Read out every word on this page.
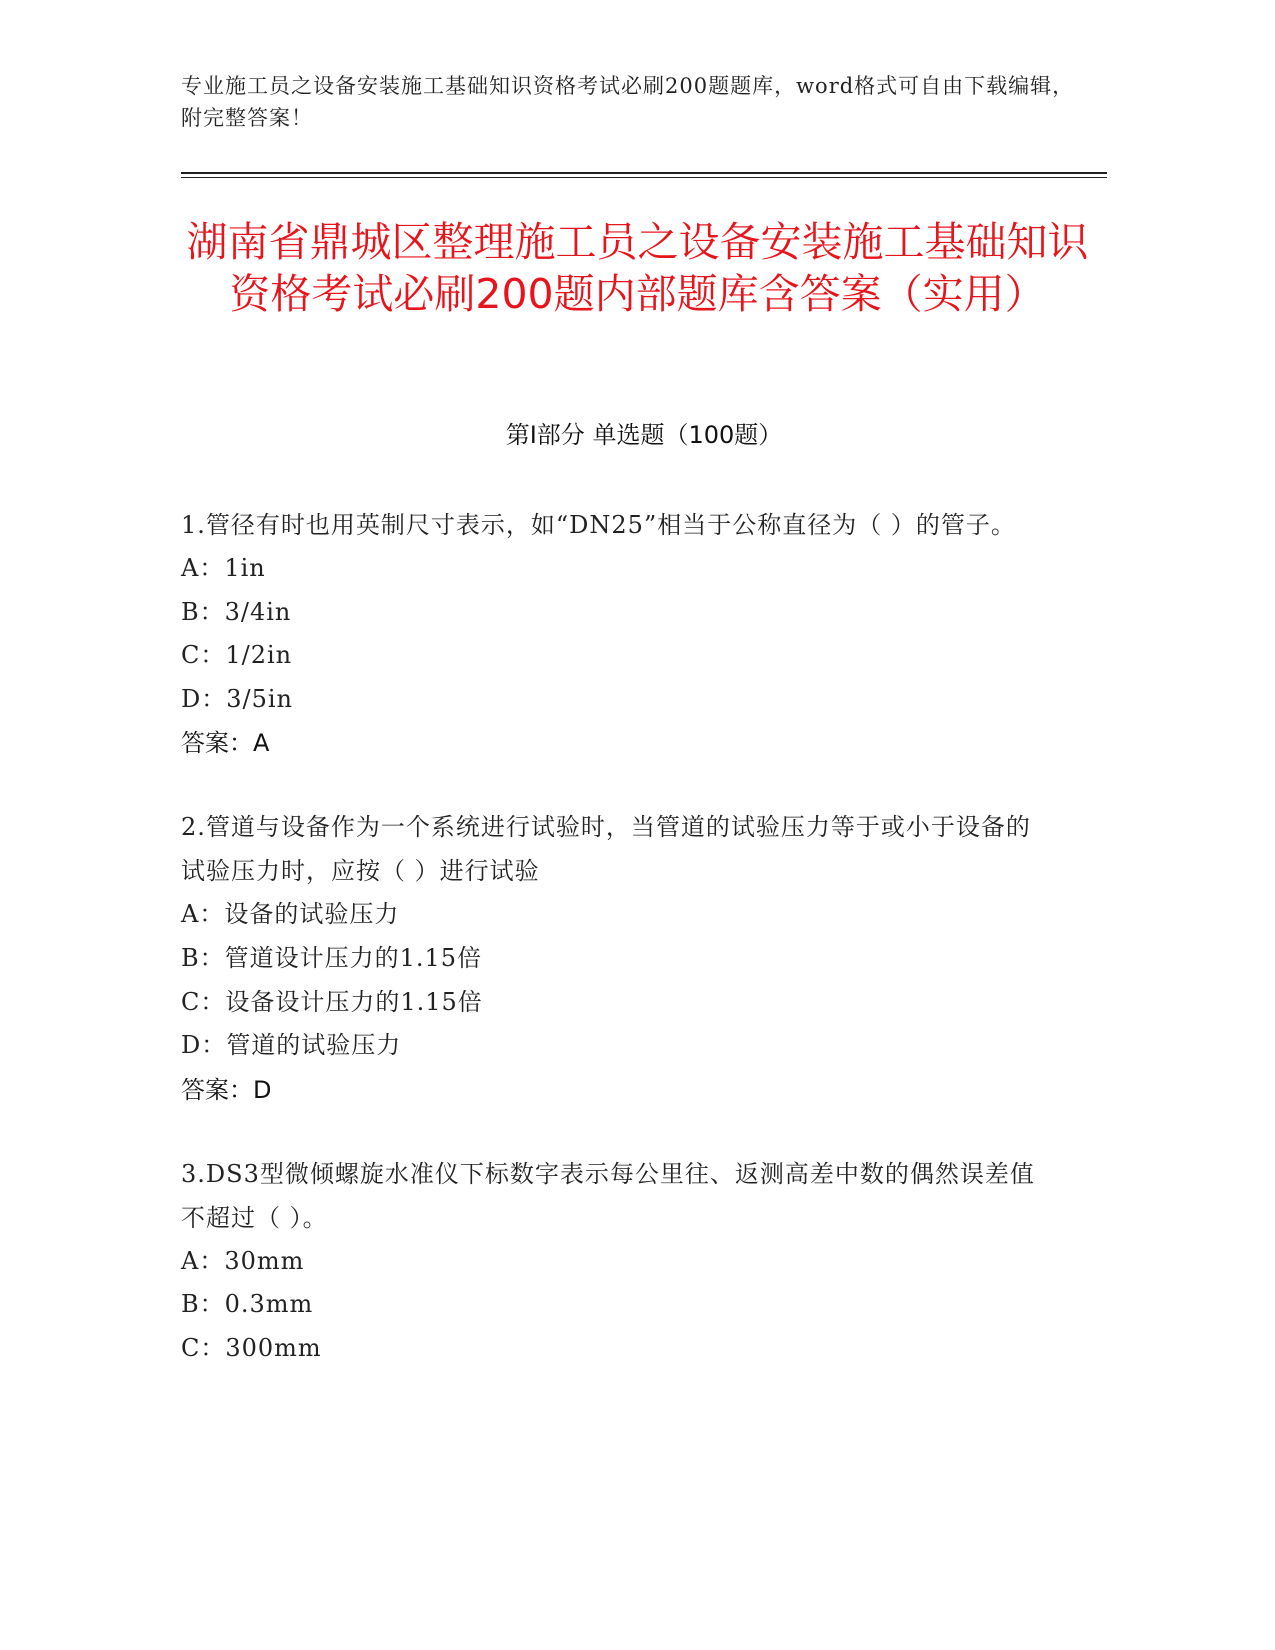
专业施工员之设备安装施工基础知识资格考试必刷200题题库，word格式可自由下载编辑，附完整答案！
湖南省鼎城区整理施工员之设备安装施工基础知识资格考试必刷200题内部题库含答案（实用）
第I部分 单选题（100题）
1.管径有时也用英制尺寸表示，如“DN25”相当于公称直径为（ ）的管子。
A：1in
B：3/4in
C：1/2in
D：3/5in
答案：A
2.管道与设备作为一个系统进行试验时，当管道的试验压力等于或小于设备的试验压力时，应按（ ）进行试验
A：设备的试验压力
B：管道设计压力的1.15倍
C：设备设计压力的1.15倍
D：管道的试验压力
答案：D
3.DS3型微倾螺旋水准仪下标数字表示每公里往、返测高差中数的偶然误差值不超过（ ）。
A：30mm
B：0.3mm
C：300mm
